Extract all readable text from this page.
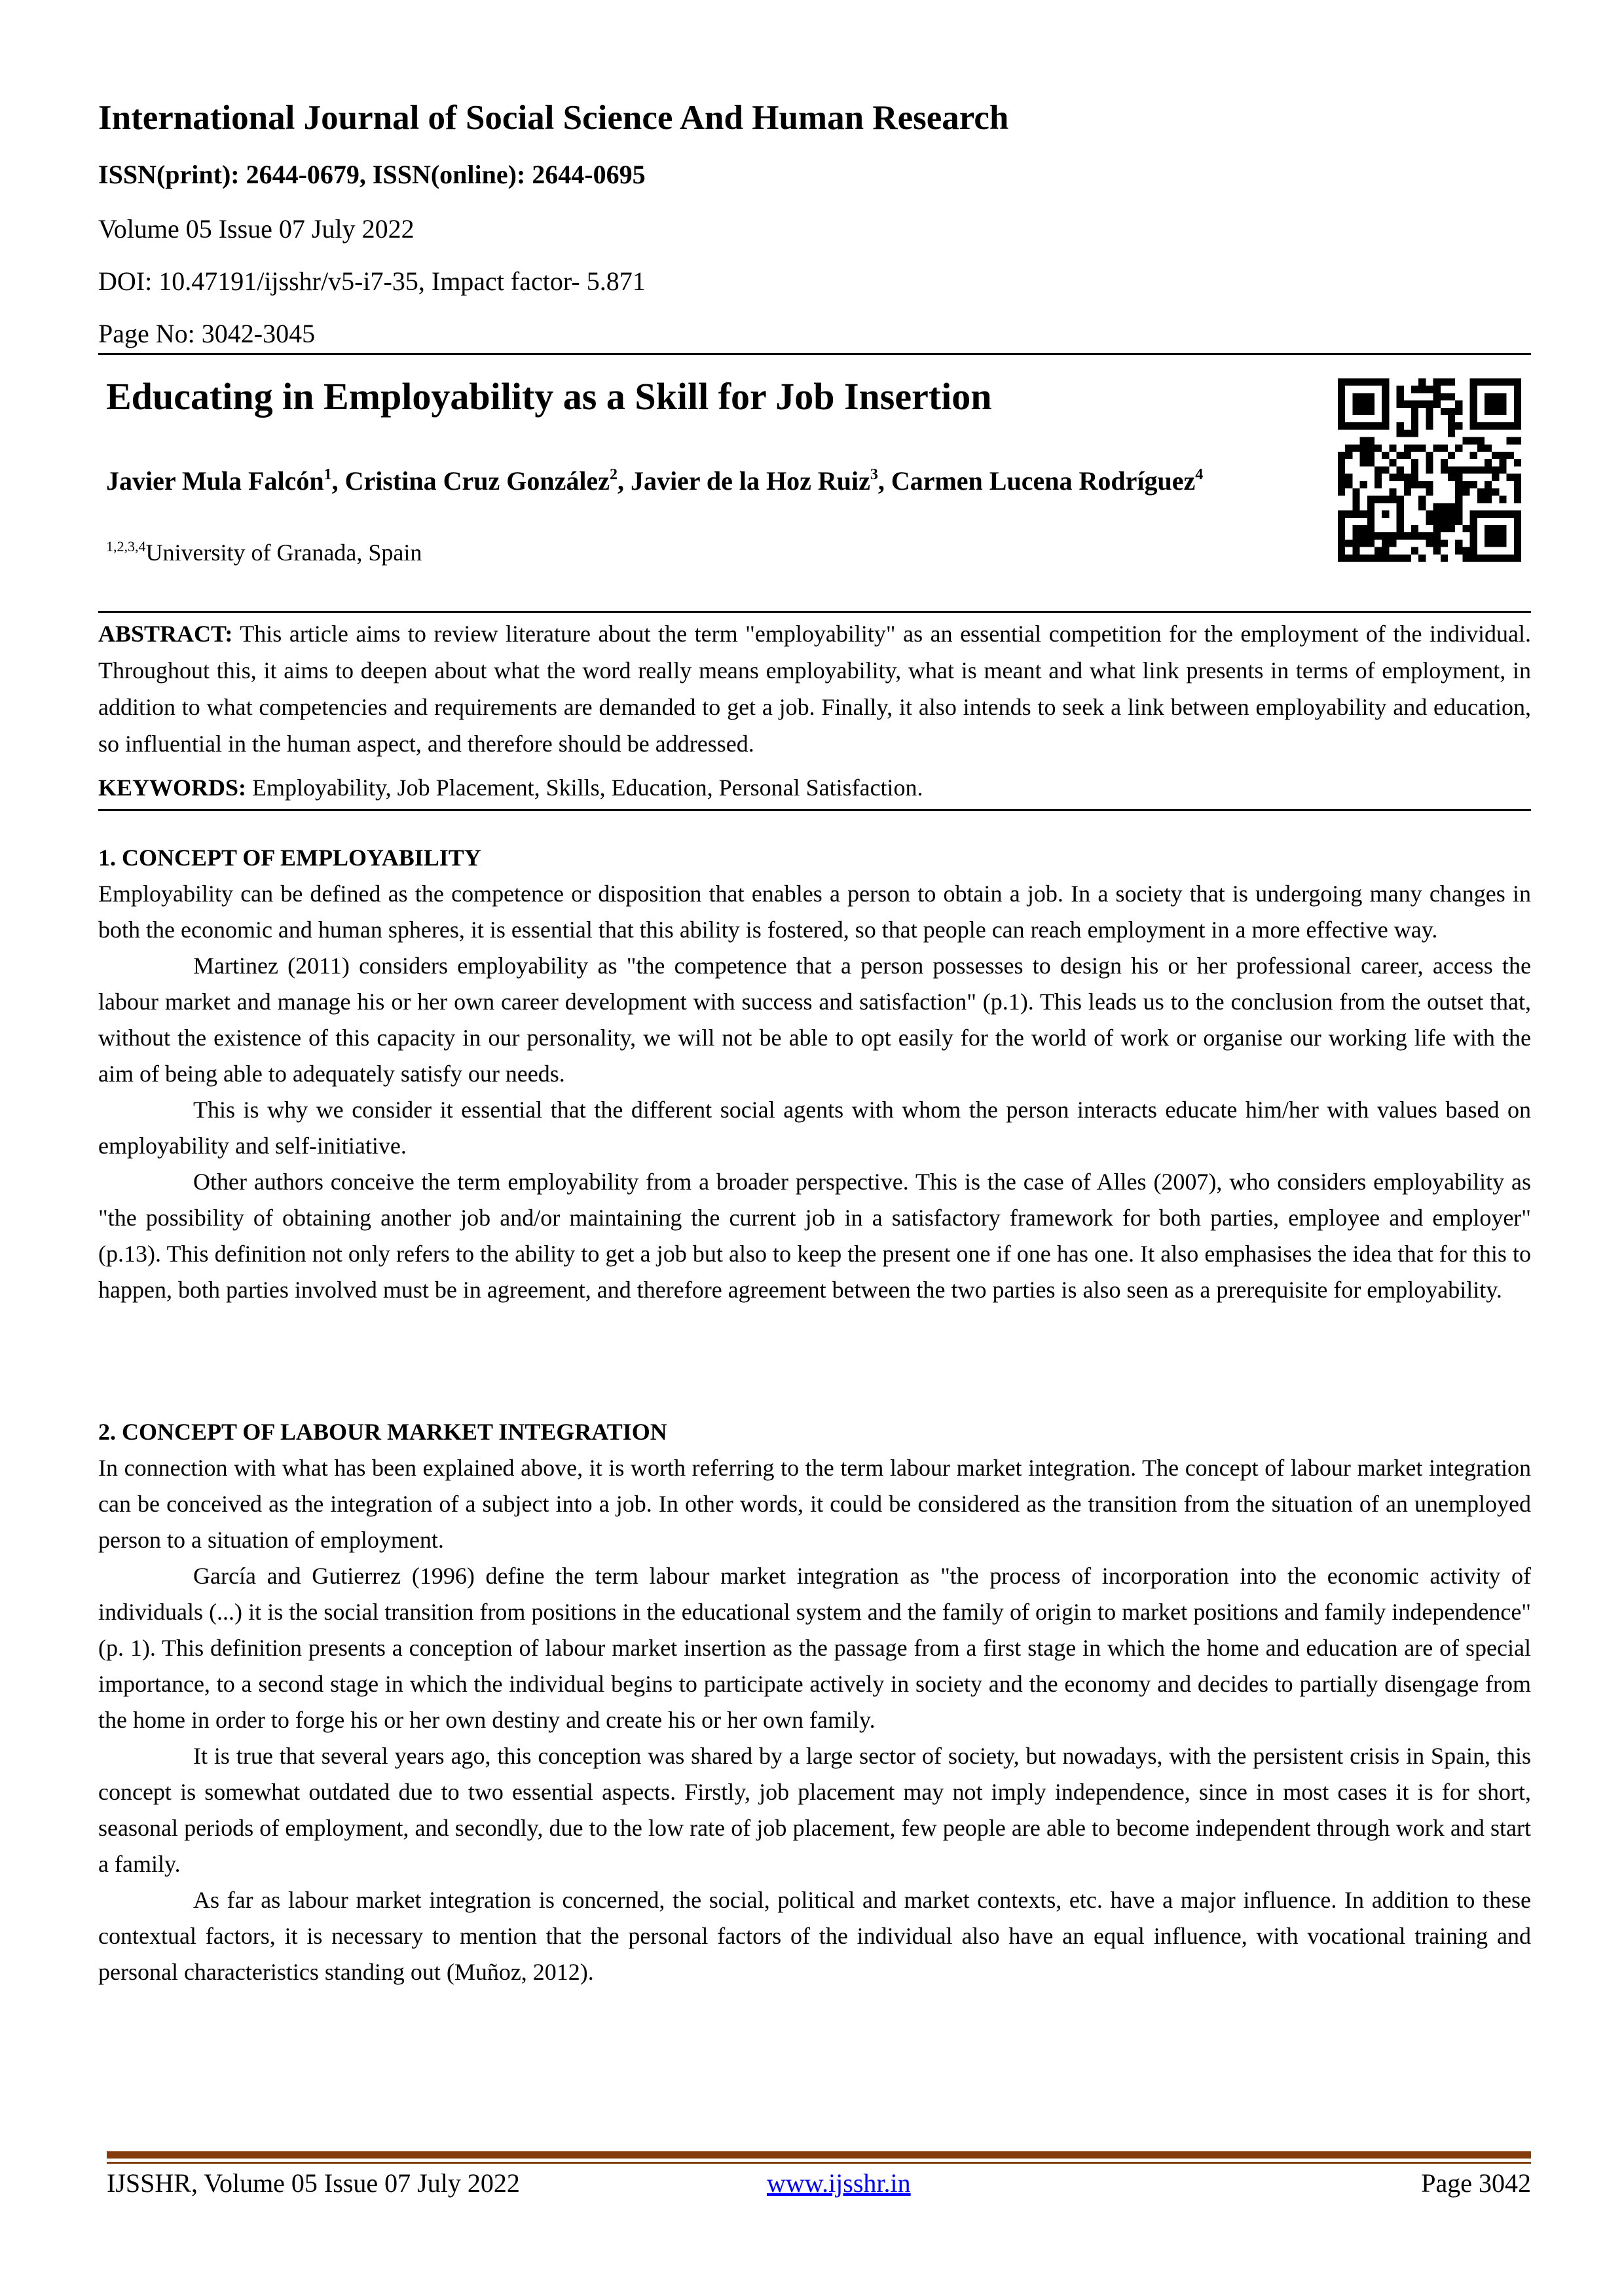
International Journal of Social Science And Human Research
ISSN(print): 2644-0679, ISSN(online): 2644-0695
Volume 05 Issue 07 July 2022
DOI: 10.47191/ijsshr/v5-i7-35, Impact factor- 5.871
Page No: 3042-3045
Educating in Employability as a Skill for Job Insertion
Javier Mula Falcón$^1$, Cristina Cruz González$^2$, Javier de la Hoz Ruiz$^3$, Carmen Lucena Rodríguez$^4$
$^{1,2,3,4}$University of Granada, Spain

ABSTRACT: This article aims to review literature about the term "employability" as an essential competition for the employment of the individual. Throughout this, it aims to deepen about what the word really means employability, what is meant and what link presents in terms of employment, in addition to what competencies and requirements are demanded to get a job. Finally, it also intends to seek a link between employability and education, so influential in the human aspect, and therefore should be addressed.

KEYWORDS: Employability, Job Placement, Skills, Education, Personal Satisfaction.

1. CONCEPT OF EMPLOYABILITY

Employability can be defined as the competence or disposition that enables a person to obtain a job. In a society that is undergoing many changes in both the economic and human spheres, it is essential that this ability is fostered, so that people can reach employment in a more effective way.

Martinez (2011) considers employability as "the competence that a person possesses to design his or her professional career, access the labour market and manage his or her own career development with success and satisfaction" (p.1). This leads us to the conclusion from the outset that, without the existence of this capacity in our personality, we will not be able to opt easily for the world of work or organise our working life with the aim of being able to adequately satisfy our needs.

This is why we consider it essential that the different social agents with whom the person interacts educate him/her with values based on employability and self-initiative.

Other authors conceive the term employability from a broader perspective. This is the case of Alles (2007), who considers employability as "the possibility of obtaining another job and/or maintaining the current job in a satisfactory framework for both parties, employee and employer" (p.13). This definition not only refers to the ability to get a job but also to keep the present one if one has one. It also emphasises the idea that for this to happen, both parties involved must be in agreement, and therefore agreement between the two parties is also seen as a prerequisite for employability.

2. CONCEPT OF LABOUR MARKET INTEGRATION

In connection with what has been explained above, it is worth referring to the term labour market integration. The concept of labour market integration can be conceived as the integration of a subject into a job. In other words, it could be considered as the transition from the situation of an unemployed person to a situation of employment.

García and Gutierrez (1996) define the term labour market integration as "the process of incorporation into the economic activity of individuals (...) it is the social transition from positions in the educational system and the family of origin to market positions and family independence" (p. 1). This definition presents a conception of labour market insertion as the passage from a first stage in which the home and education are of special importance, to a second stage in which the individual begins to participate actively in society and the economy and decides to partially disengage from the home in order to forge his or her own destiny and create his or her own family.

It is true that several years ago, this conception was shared by a large sector of society, but nowadays, with the persistent crisis in Spain, this concept is somewhat outdated due to two essential aspects. Firstly, job placement may not imply independence, since in most cases it is for short, seasonal periods of employment, and secondly, due to the low rate of job placement, few people are able to become independent through work and start a family.

As far as labour market integration is concerned, the social, political and market contexts, etc. have a major influence. In addition to these contextual factors, it is necessary to mention that the personal factors of the individual also have an equal influence, with vocational training and personal characteristics standing out (Muñoz, 2012).

IJSSHR, Volume 05 Issue 07 July 2022	www.ijsshr.in	Page 3042
